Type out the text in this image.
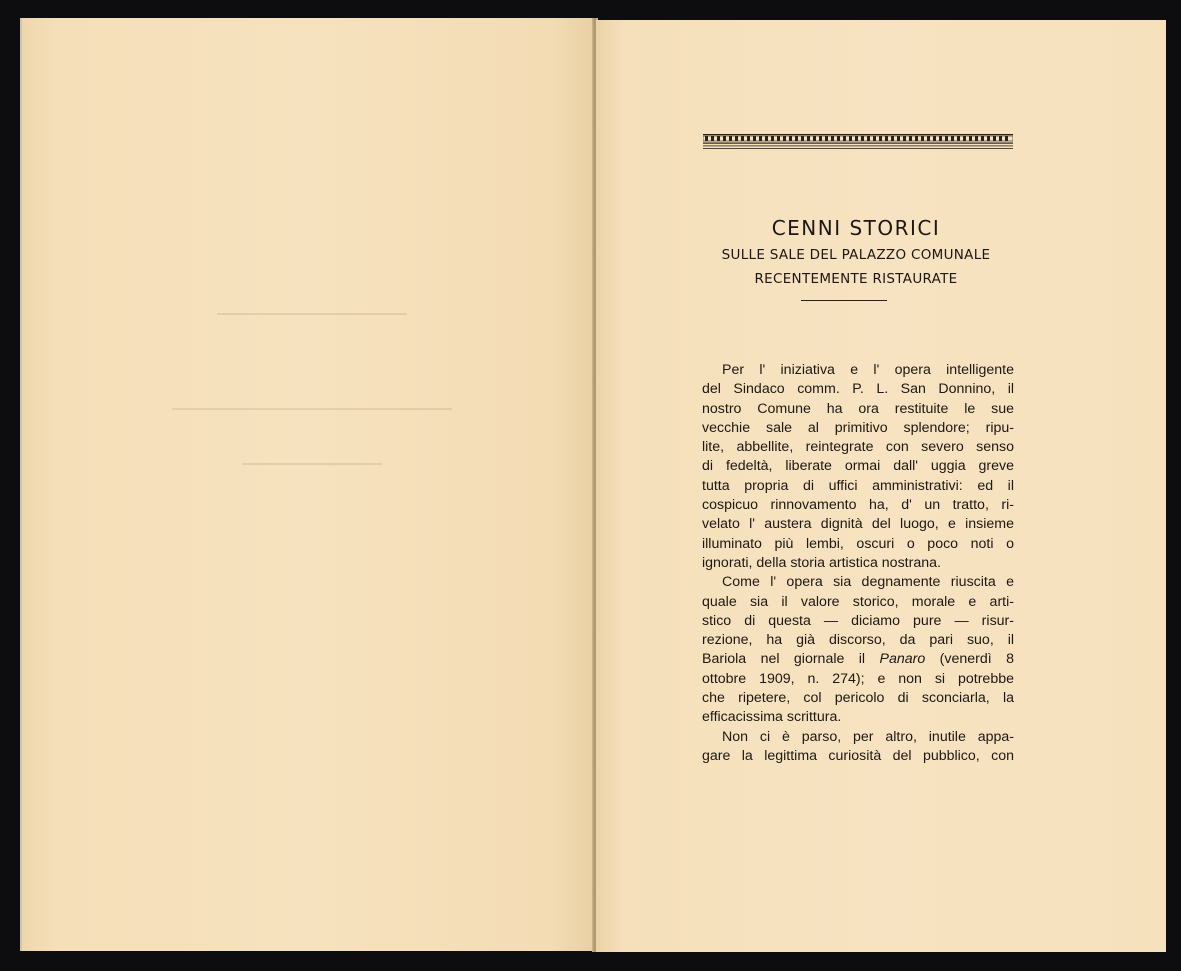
CENNI STORICI
SULLE SALE DEL PALAZZO COMUNALE
RECENTEMENTE RISTAURATE
Per l' iniziativa e l' opera intelligente
del Sindaco comm. P. L. San Donnino, il
nostro Comune ha ora restituite le sue
vecchie sale al primitivo splendore; ripu-
lite, abbellite, reintegrate con severo senso
di fedeltà, liberate ormai dall' uggia greve
tutta propria di uffici amministrativi: ed il
cospicuo rinnovamento ha, d' un tratto, ri-
velato l' austera dignità del luogo, e insieme
illuminato più lembi, oscuri o poco noti o
ignorati, della storia artistica nostrana.
Come l' opera sia degnamente riuscita e
quale sia il valore storico, morale e arti-
stico di questa — diciamo pure — risur-
rezione, ha già discorso, da pari suo, il
Bariola nel giornale il Panaro (venerdì 8
ottobre 1909, n. 274); e non si potrebbe
che ripetere, col pericolo di sconciarla, la
efficacissima scrittura.
Non ci è parso, per altro, inutile appa-
gare la legittima curiosità del pubblico, con
